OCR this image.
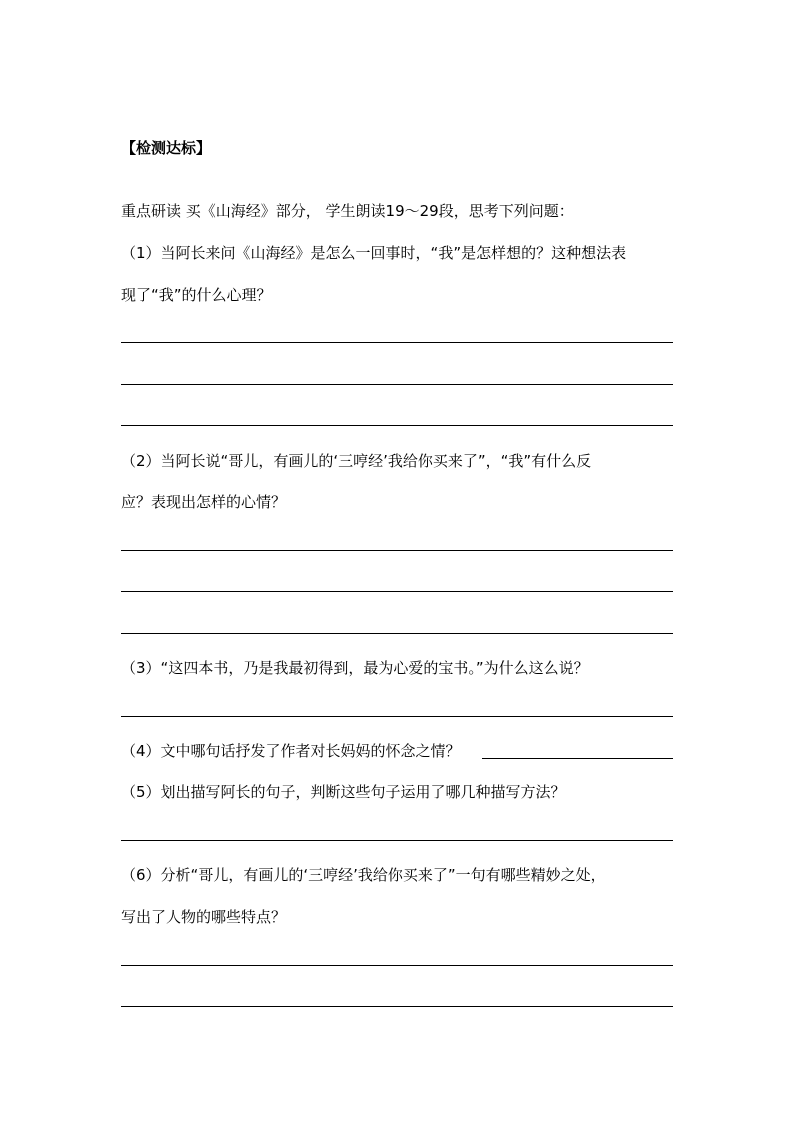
【检测达标】
重点研读 买《山海经》部分， 学生朗读19～29段，思考下列问题：
（1）当阿长来问《山海经》是怎么一回事时，“我”是怎样想的？这种想法表
现了“我”的什么心理？
（2）当阿长说“哥儿，有画儿的‘三哼经’我给你买来了”，“我”有什么反
应？表现出怎样的心情？
（3）“这四本书，乃是我最初得到，最为心爱的宝书。”为什么这么说？
（4）文中哪句话抒发了作者对长妈妈的怀念之情？
（5）划出描写阿长的句子，判断这些句子运用了哪几种描写方法？
（6）分析“哥儿，有画儿的‘三哼经’我给你买来了”一句有哪些精妙之处，
写出了人物的哪些特点？
